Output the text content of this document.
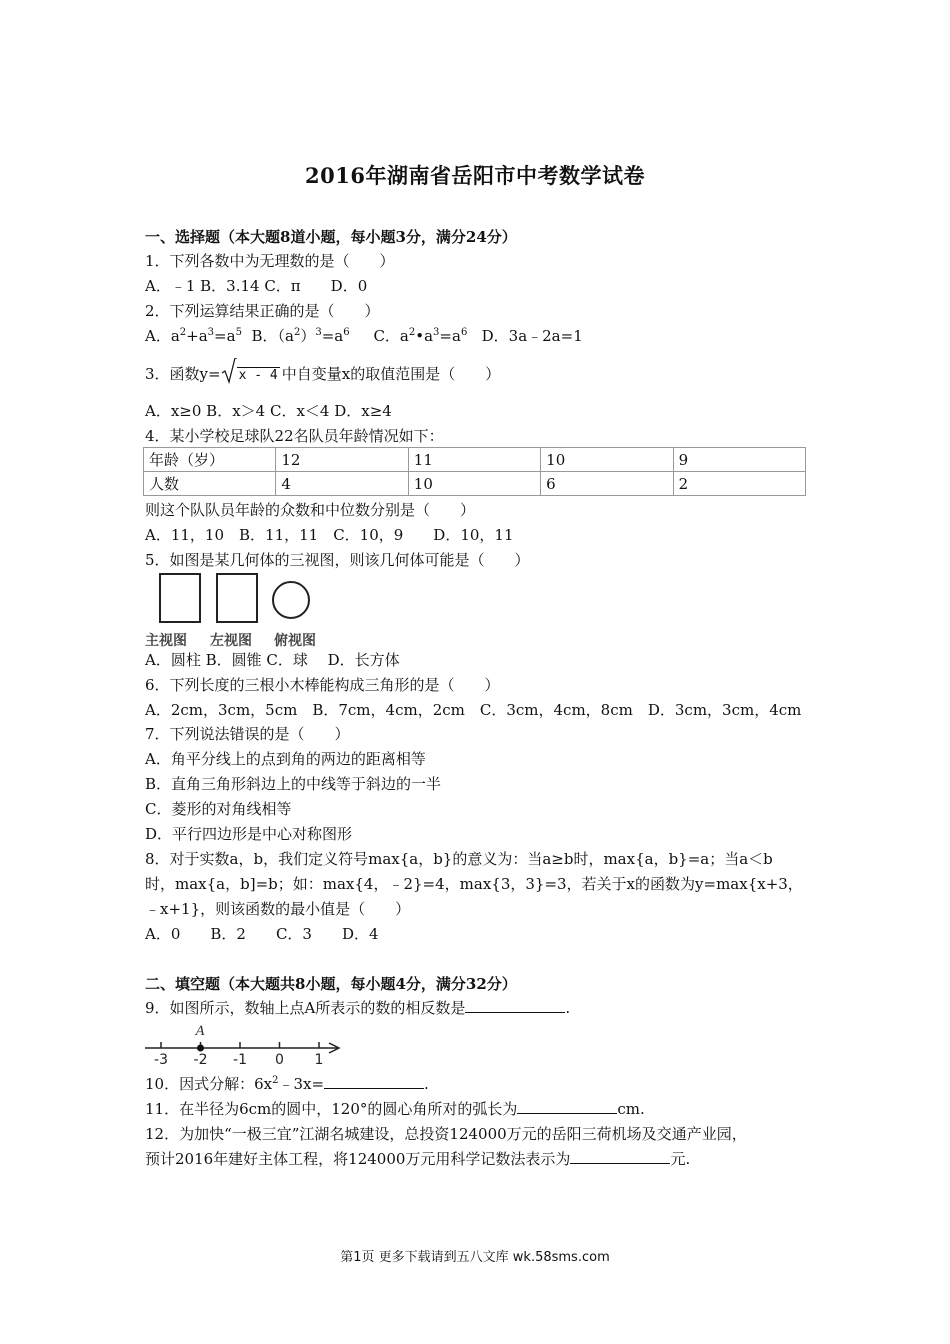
2016年湖南省岳阳市中考数学试卷
一、选择题（本大题8道小题，每小题3分，满分24分）
1．下列各数中为无理数的是（　　）
A．﹣1 B．3.14 C．π　　D．0
2．下列运算结果正确的是（　　）
A．$a^2+a^3=a^5$ B．$(a^2)^3=a^6$ C．$a^2•a^3=a^6$ D．3a﹣2a=1
3．函数y= x - 4 中自变量x的取值范围是（　　）
A．x≥0 B．x＞4 C．x＜4 D．x≥4
4．某小学校足球队22名队员年龄情况如下：
年龄（岁）	12	11	10	9
人数	4	10	6	2
则这个队队员年龄的众数和中位数分别是（　　）
A．11，10　B．11，11　C．10，9　　D．10，11
5．如图是某几何体的三视图，则该几何体可能是（　　）
主视图 左视图 俯视图
A．圆柱 B．圆锥 C．球　 D．长方体
6．下列长度的三根小木棒能构成三角形的是（　　）
A．2cm，3cm，5cm　B．7cm，4cm，2cm　C．3cm，4cm，8cm　D．3cm，3cm，4cm
7．下列说法错误的是（　　）
A．角平分线上的点到角的两边的距离相等
B．直角三角形斜边上的中线等于斜边的一半
C．菱形的对角线相等
D．平行四边形是中心对称图形
8．对于实数a，b，我们定义符号max{a，b}的意义为：当a≥b时，max{a，b}=a；当a＜b
时，max{a，b]=b；如：max{4，﹣2}=4，max{3，3}=3，若关于x的函数为y=max{x+3，
﹣x+1}，则该函数的最小值是（　　）
A．0　　B．2　　C．3　　D．4
二、填空题（本大题共8小题，每小题4分，满分32分）
9．如图所示，数轴上点A所表示的数的相反数是	.
-3 -2 -1 0 1
A
10．因式分解：$6x^2﹣3x=$	.
11．在半径为6cm的圆中，120°的圆心角所对的弧长为	cm.
12．为加快“一极三宜”江湖名城建设，总投资124000万元的岳阳三荷机场及交通产业园，
预计2016年建好主体工程，将124000万元用科学记数法表示为	元.
第1页 更多下载请到五八文库 wk.58sms.com
